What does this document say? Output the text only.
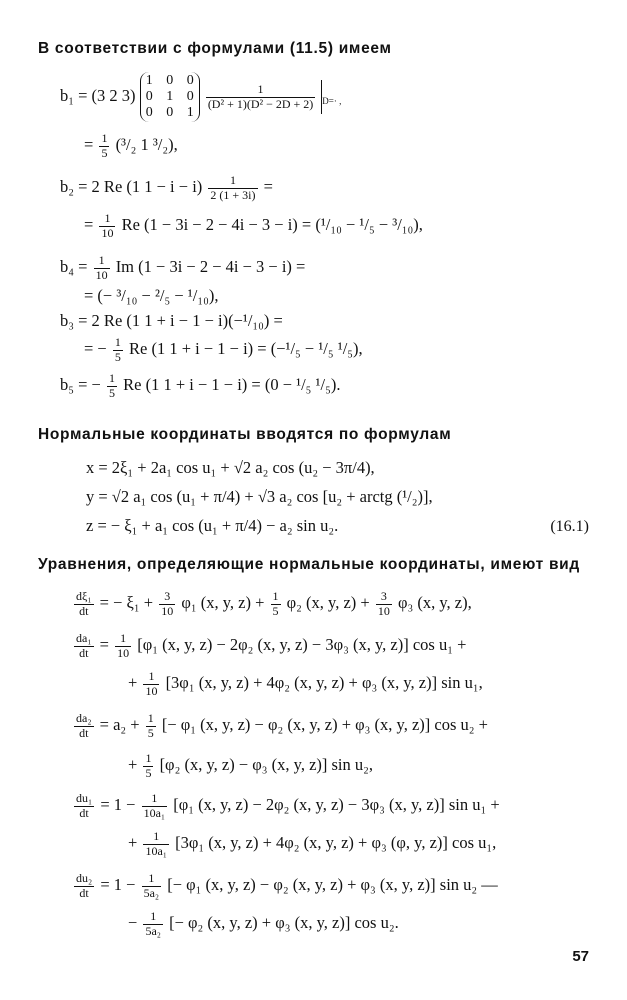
В соответствии с формулами (11.5) имеем
b₁ = (3 2 3)
1 0 0
0 1 0
0 0 1

$\frac{1}{\text{(D² + 1)(D² − 2D + 2)}} _{D=\cdot ,}$
= $\frac{1}{5} (^3/_2$ 1 ³/₂),
b₂ = 2 Re (1 $1 - i - i) \frac{1}{2 (1 + 3i)}$ =
= $\frac{1}{10}$ Re (1 − 3i − 2 − 4i − 3 − i) = (¹/₁₀ − ¹/₅ − ³/₁₀),
$b_4 = \frac{1}{10}$ Im (1 − 3i − 2 − 4i − 3 − i) =
= (− ³/₁₀ − ²/₅ − ¹/₁₀),
b₃ = 2 Re (1 1 + i − 1 − i)(−¹/₁₀) =
= − $\frac{1}{5}$ Re (1 1 + i − 1 − i) = (−¹/₅ − ¹/₅ ¹/₅),
b₅ = − $\frac{1}{5}$ Re (1 1 + i − 1 − i) = (0 − ¹/₅ ¹/₅).
Нормальные координаты вводятся по формулам
x = 2ξ₁ + 2a₁ cos u₁ + √2 a₂ cos (u₂ − 3π/4),
y = √2 a₁ cos (u₁ + π/4) + √3 a₂ cos [u₂ + arctg (¹/₂)],
z = − ξ₁ + a₁ cos (u₁ + π/4) − a₂ sin u₂.	(16.1)
Уравнения, определяющие нормальные координаты, имеют вид
$\frac{\text{dξ₁}}{dt}$ = − $\xi_1 + \frac{3}{10} \varphi_1$ (x, y, $z) + \frac{1}{5} \varphi_2$ (x, y, $z) + \frac{3}{10} \varphi_3$ (x, y, z),
$\frac{\text{da₁}}{dt} = \frac{1}{10} [\varphi_1$ (x, y, z) − 2φ₂ (x, y, z) − 3φ₃ (x, y, z)] cos u₁ +
+ $\frac{1}{10} [3\varphi_1$ (x, y, z) + 4φ₂ (x, y, z) + φ₃ (x, y, z)] sin u₁,
$\frac{\text{da₂}}{dt} = a_2 + \frac{1}{5}$ [− φ₁ (x, y, z) − φ₂ (x, y, z) + φ₃ (x, y, z)] cos u₂ +
+ $\frac{1}{5} [\varphi_2$ (x, y, z) − φ₃ (x, y, z)] sin u₂,
$\frac{\text{du₁}}{dt} = 1 - \frac{1}{\text{10a₁}} [\varphi_1$ (x, y, z) − 2φ₂ (x, y, z) − 3φ₃ (x, y, z)] sin u₁ +
+ $\frac{1}{\text{10a₁}} [3\varphi_1$ (x, y, z) + 4φ₂ (x, y, z) + φ₃ (φ, y, z)] cos u₁,
$\frac{\text{du₂}}{dt} = 1 - \frac{1}{\text{5a₂}}$ [− φ₁ (x, y, z) − φ₂ (x, y, z) + φ₃ (x, y, z)] sin u₂ —
− $\frac{1}{\text{5a₂}}$ [− φ₂ (x, y, z) + φ₃ (x, y, z)] cos u₂.
57
